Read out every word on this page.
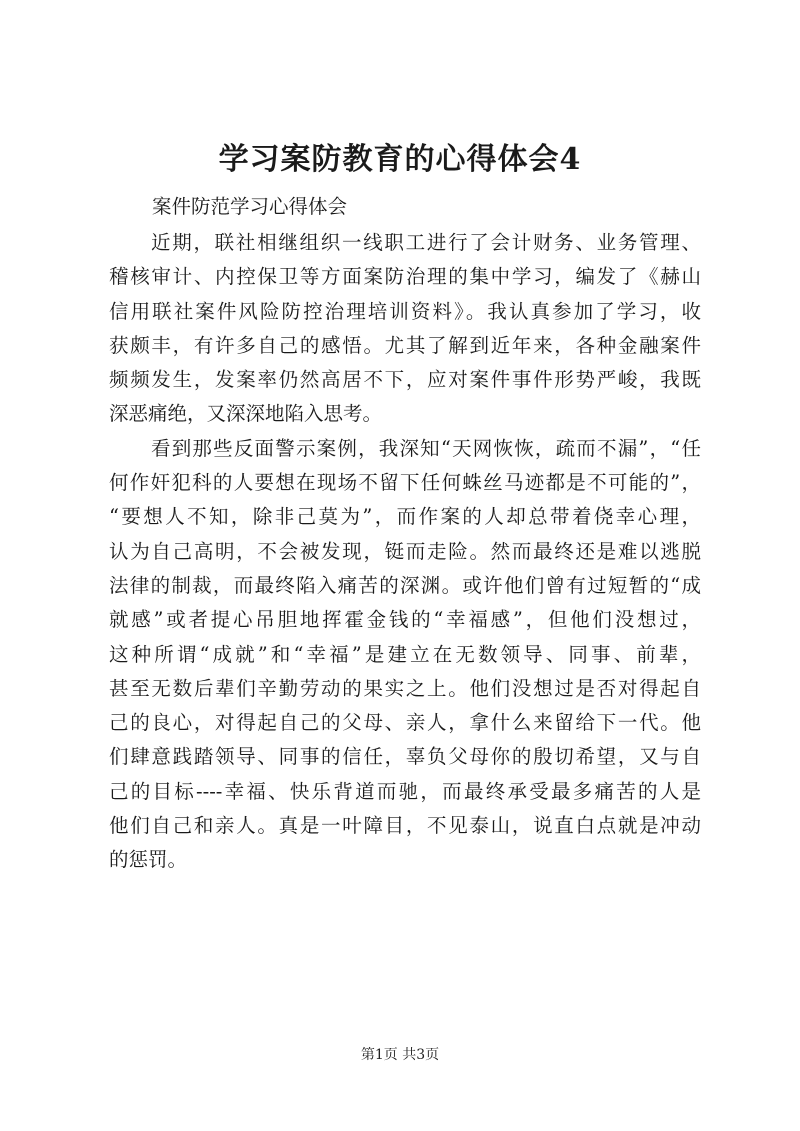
学习案防教育的心得体会4

案件防范学习心得体会

近期，联社相继组织一线职工进行了会计财务、业务管理、
稽核审计、内控保卫等方面案防治理的集中学习，编发了《赫山
信用联社案件风险防控治理培训资料》。我认真参加了学习，收
获颇丰，有许多自己的感悟。尤其了解到近年来，各种金融案件
频频发生，发案率仍然高居不下，应对案件事件形势严峻，我既
深恶痛绝，又深深地陷入思考。
看到那些反面警示案例，我深知“天网恢恢，疏而不漏”，“任
何作奸犯科的人要想在现场不留下任何蛛丝马迹都是不可能的”，
“要想人不知，除非己莫为”，而作案的人却总带着侥幸心理，
认为自己高明，不会被发现，铤而走险。然而最终还是难以逃脱
法律的制裁，而最终陷入痛苦的深渊。或许他们曾有过短暂的“成
就感”或者提心吊胆地挥霍金钱的“幸福感”，但他们没想过，
这种所谓“成就”和“幸福”是建立在无数领导、同事、前辈，
甚至无数后辈们辛勤劳动的果实之上。他们没想过是否对得起自
己的良心，对得起自己的父母、亲人，拿什么来留给下一代。他
们肆意践踏领导、同事的信任，辜负父母你的殷切希望，又与自
己的目标----幸福、快乐背道而驰，而最终承受最多痛苦的人是
他们自己和亲人。真是一叶障目，不见泰山，说直白点就是冲动
的惩罚。
第1页 共3页
